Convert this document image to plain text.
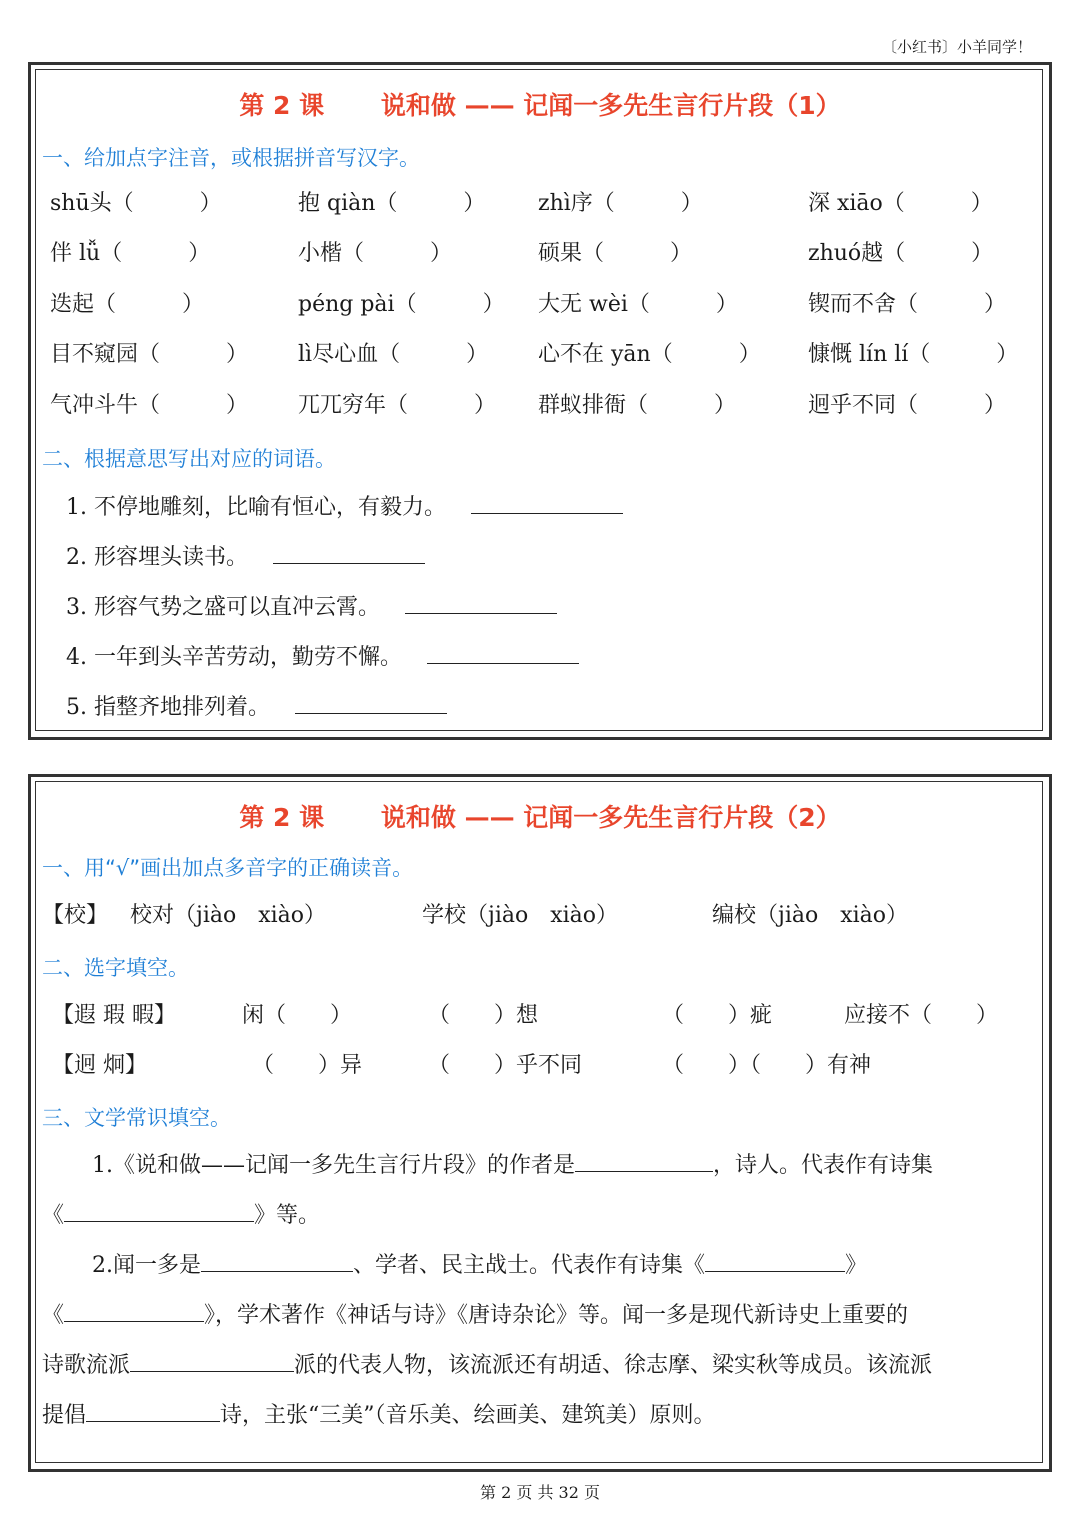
〔小红书〕小羊同学！
第 2 课 说和做 —— 记闻一多先生言行片段（1）
一、给加点字注音，或根据拼音写汉字。
shū头（　　　）	抱 qiàn（　　　） zhì序（　　　）	深 xiāo（　　　）
伴 lǚ（　　　）	小楷（　　　）	硕果（　　　）	zhuó越（　　　）
迭起（　　　）	péng pài（　　　） 大无 wèi（　　　）	锲而不舍（　　　）
目不窥园（　　　） lì尽心血（　　　） 心不在 yān（　　　） 慷慨 lín lí（　　　）
气冲斗牛（　　　） 兀兀穷年（　　　） 群蚁排衙（　　　）	迥乎不同（　　　）
二、根据意思写出对应的词语。
1. 不停地雕刻，比喻有恒心，有毅力。
2. 形容埋头读书。
3. 形容气势之盛可以直冲云霄。
4. 一年到头辛苦劳动，勤劳不懈。
5. 指整齐地排列着。
第 2 课 说和做 —— 记闻一多先生言行片段（2）
一、用“√”画出加点多音字的正确读音。
【校】 校对（jiào　xiào）	学校（jiào　xiào）	编校（jiào　xiào）
二、选字填空。
【遐 瑕 暇】	闲（　　）	（　　）想	（　　）疵	应接不（　　）
【迥 炯】	（　　）异	（　　）乎不同	（　　）（　　）有神
三、文学常识填空。
1.《说和做——记闻一多先生言行片段》的作者是	，诗人。代表作有诗集
《	》等。
2.闻一多是	、学者、民主战士。代表作有诗集《	》
《	》，学术著作《神话与诗》《唐诗杂论》等。闻一多是现代新诗史上重要的
诗歌流派	派的代表人物，该流派还有胡适、徐志摩、梁实秋等成员。该流派
提倡	诗，主张“三美”（音乐美、绘画美、建筑美）原则。
第 2 页 共 32 页
